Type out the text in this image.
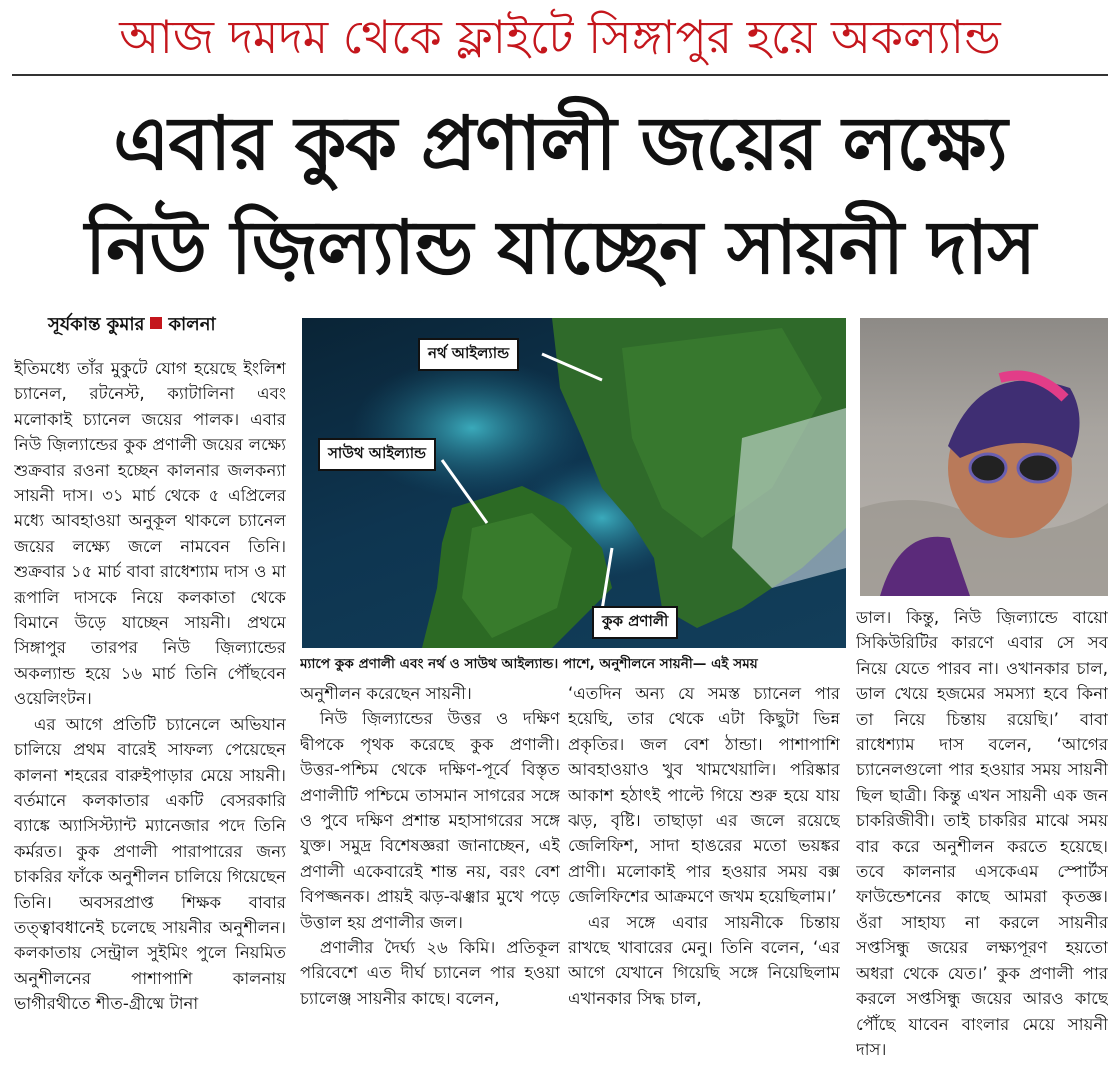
আজ দমদম থেকে ফ্লাইটে সিঙ্গাপুর হয়ে অকল্যান্ড
এবার কুক প্রণালী জয়ের লক্ষ্যে
নিউ জ়িল্যান্ড যাচ্ছেন সায়নী দাস
সূর্যকান্ত কুমার কালনা

ইতিমধ্যে তাঁর মুকুটে যোগ হয়েছে ইংলিশ চ্যানেল, রটনেস্ট, ক্যাটালিনা এবং মলোকাই চ্যানেল জয়ের পালক। এবার নিউ জ়িল্যান্ডের কুক প্রণালী জয়ের লক্ষ্যে শুক্রবার রওনা হচ্ছেন কালনার জলকন্যা সায়নী দাস। ৩১ মার্চ থেকে ৫ এপ্রিলের মধ্যে আবহাওয়া অনুকূল থাকলে চ্যানেল জয়ের লক্ষ্যে জলে নামবেন তিনি। শুক্রবার ১৫ মার্চ বাবা রাধেশ্যাম দাস ও মা রূপালি দাসকে নিয়ে কলকাতা থেকে বিমানে উড়ে যাচ্ছেন সায়নী। প্রথমে সিঙ্গাপুর তারপর নিউ জ়িল্যান্ডের অকল্যান্ড হয়ে ১৬ মার্চ তিনি পৌঁছবেন ওয়েলিংটন।

এর আগে প্রতিটি চ্যানেলে অভিযান চালিয়ে প্রথম বারেই সাফল্য পেয়েছেন কালনা শহরের বারুইপাড়ার মেয়ে সায়নী। বর্তমানে কলকাতার একটি বেসরকারি ব্যাঙ্কে অ্যাসিস্ট্যান্ট ম্যানেজার পদে তিনি কর্মরত। কুক প্রণালী পারাপারের জন্য চাকরির ফাঁকে অনুশীলন চালিয়ে গিয়েছেন তিনি। অবসরপ্রাপ্ত শিক্ষক বাবার তত্ত্বাবধানেই চলেছে সায়নীর অনুশীলন। কলকাতায় সেন্ট্রাল সুইমিং পুলে নিয়মিত অনুশীলনের পাশাপাশি কালনায় ভাগীরথীতে শীত-গ্রীষ্মে টানা

নর্থ আইল্যান্ড
সাউথ আইল্যান্ড
কুক প্রণালী
ম্যাপে কুক প্রণালী এবং নর্থ ও সাউথ আইল্যান্ড। পাশে, অনুশীলনে সায়নী— এই সময়

অনুশীলন করেছেন সায়নী।

নিউ জ়িল্যান্ডের উত্তর ও দক্ষিণ দ্বীপকে পৃথক করেছে কুক প্রণালী। উত্তর-পশ্চিম থেকে দক্ষিণ-পূর্বে বিস্তৃত প্রণালীটি পশ্চিমে তাসমান সাগরের সঙ্গে ও পুবে দক্ষিণ প্রশান্ত মহাসাগরের সঙ্গে যুক্ত। সমুদ্র বিশেষজ্ঞরা জানাচ্ছেন, এই প্রণালী একেবারেই শান্ত নয়, বরং বেশ বিপজ্জনক। প্রায়ই ঝড়-ঝঞ্ঝার মুখে পড়ে উত্তাল হয় প্রণালীর জল।

প্রণালীর দৈর্ঘ্য ২৬ কিমি। প্রতিকূল পরিবেশে এত দীর্ঘ চ্যানেল পার হওয়া চ্যালেঞ্জ সায়নীর কাছে। বলেন,

‘এতদিন অন্য যে সমস্ত চ্যানেল পার হয়েছি, তার থেকে এটা কিছুটা ভিন্ন প্রকৃতির। জল বেশ ঠান্ডা। পাশাপাশি আবহাওয়াও খুব খামখেয়ালি। পরিষ্কার আকাশ হঠাৎই পাল্টে গিয়ে শুরু হয়ে যায় ঝড়, বৃষ্টি। তাছাড়া এর জলে রয়েছে জেলিফিশ, সাদা হাঙরের মতো ভয়ঙ্কর প্রাণী। মলোকাই পার হওয়ার সময় বক্স জেলিফিশের আক্রমণে জখম হয়েছিলাম।’

এর সঙ্গে এবার সায়নীকে চিন্তায় রাখছে খাবারের মেনু। তিনি বলেন, ‘এর আগে যেখানে গিয়েছি সঙ্গে নিয়েছিলাম এখানকার সিদ্ধ চাল,

ডাল। কিন্তু, নিউ জ়িল্যান্ডে বায়ো সিকিউরিটির কারণে এবার সে সব নিয়ে যেতে পারব না। ওখানকার চাল, ডাল খেয়ে হজমের সমস্যা হবে কিনা তা নিয়ে চিন্তায় রয়েছি।’ বাবা রাধেশ্যাম দাস বলেন, ‘আগের চ্যানেলগুলো পার হওয়ার সময় সায়নী ছিল ছাত্রী। কিন্তু এখন সায়নী এক জন চাকরিজীবী। তাই চাকরির মাঝে সময় বার করে অনুশীলন করতে হয়েছে। তবে কালনার এসকেএম স্পোর্টস ফাউন্ডেশনের কাছে আমরা কৃতজ্ঞ। ওঁরা সাহায্য না করলে সায়নীর সপ্তসিন্ধু জয়ের লক্ষ্যপূরণ হয়তো অধরা থেকে যেত।’ কুক প্রণালী পার করলে সপ্তসিন্ধু জয়ের আরও কাছে পৌঁছে যাবেন বাংলার মেয়ে সায়নী দাস।
